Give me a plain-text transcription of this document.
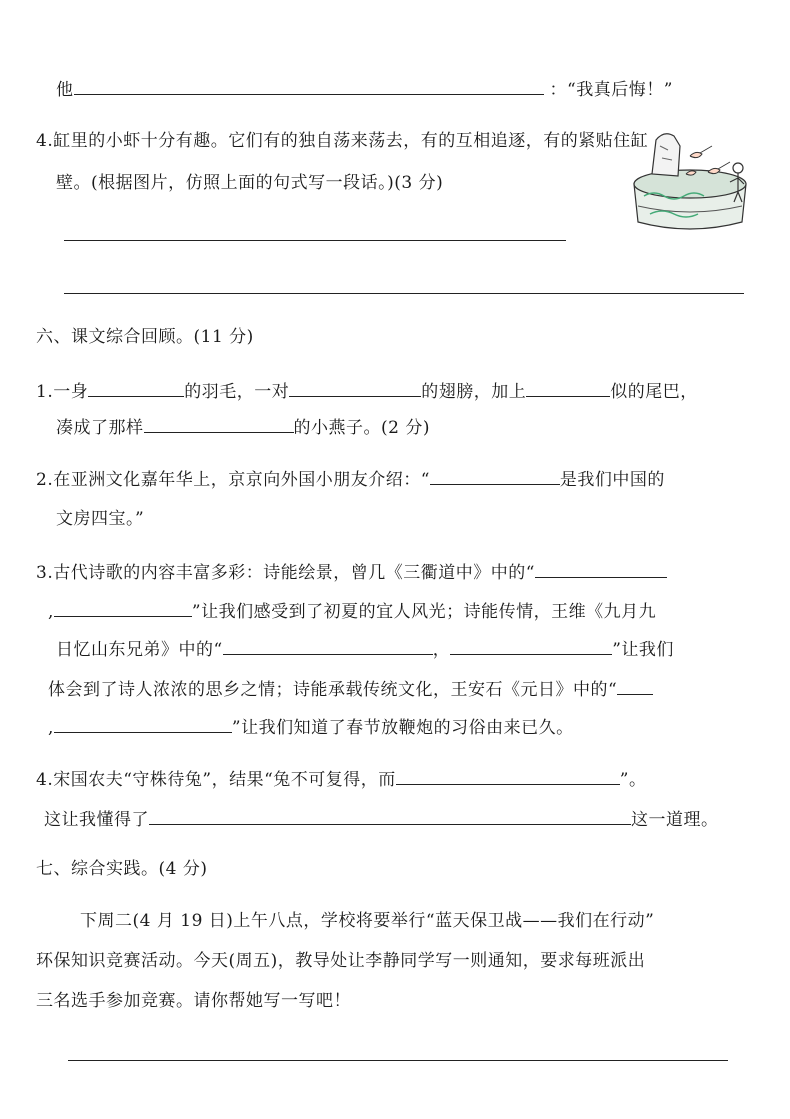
他	：“我真后悔！”
4.缸里的小虾十分有趣。它们有的独自荡来荡去，有的互相追逐，有的紧贴住缸
壁。(根据图片，仿照上面的句式写一段话。)(3 分)
六、课文综合回顾。(11 分)
1.一身	的羽毛，一对	的翅膀，加上	似的尾巴，
凑成了那样	的小燕子。(2 分)
2.在亚洲文化嘉年华上，京京向外国小朋友介绍：“	是我们中国的
文房四宝。”
3.古代诗歌的内容丰富多彩：诗能绘景，曾几《三衢道中》中的“
,	”让我们感受到了初夏的宜人风光；诗能传情，王维《九月九
日忆山东兄弟》中的“	，	”让我们
体会到了诗人浓浓的思乡之情；诗能承载传统文化，王安石《元日》中的“
,	”让我们知道了春节放鞭炮的习俗由来已久。
4.宋国农夫“守株待兔”，结果“兔不可复得，而	”。
这让我懂得了	这一道理。
七、综合实践。(4 分)
下周二(4 月 19 日)上午八点，学校将要举行“蓝天保卫战——我们在行动”
环保知识竞赛活动。今天(周五)，教导处让李静同学写一则通知，要求每班派出
三名选手参加竞赛。请你帮她写一写吧！
